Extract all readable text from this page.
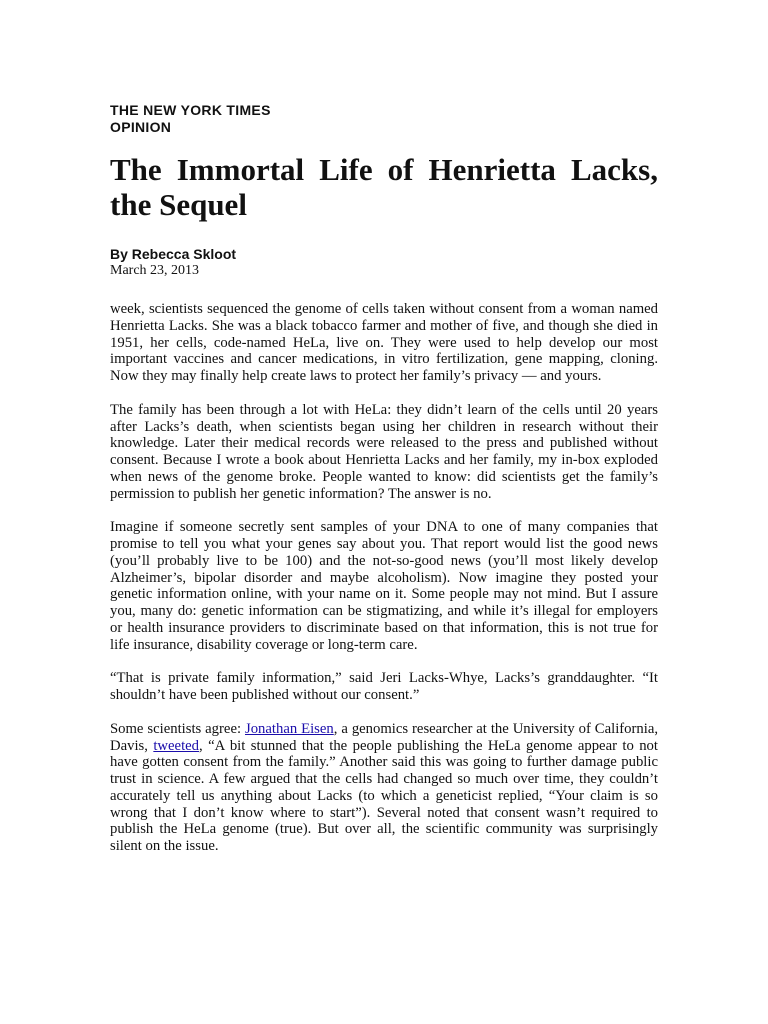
THE NEW YORK TIMES
OPINION
The Immortal Life of Henrietta Lacks, the Sequel
By Rebecca Skloot
March 23, 2013

week, scientists sequenced the genome of cells taken without consent from a woman named Henrietta Lacks. She was a black tobacco farmer and mother of five, and though she died in 1951, her cells, code-named HeLa, live on. They were used to help develop our most important vaccines and cancer medications, in vitro fertilization, gene mapping, cloning. Now they may finally help create laws to protect her family’s privacy — and yours.

The family has been through a lot with HeLa: they didn’t learn of the cells until 20 years after Lacks’s death, when scientists began using her children in research without their knowledge. Later their medical records were released to the press and published without consent. Because I wrote a book about Henrietta Lacks and her family, my in-box exploded when news of the genome broke. People wanted to know: did scientists get the family’s permission to publish her genetic information? The answer is no.

Imagine if someone secretly sent samples of your DNA to one of many companies that promise to tell you what your genes say about you. That report would list the good news (you’ll probably live to be 100) and the not-so-good news (you’ll most likely develop Alzheimer’s, bipolar disorder and maybe alcoholism). Now imagine they posted your genetic information online, with your name on it. Some people may not mind. But I assure you, many do: genetic information can be stigmatizing, and while it’s illegal for employers or health insurance providers to discriminate based on that information, this is not true for life insurance, disability coverage or long-term care.

“That is private family information,” said Jeri Lacks-Whye, Lacks’s granddaughter. “It shouldn’t have been published without our consent.”

Some scientists agree: Jonathan Eisen, a genomics researcher at the University of California, Davis, tweeted, “A bit stunned that the people publishing the HeLa genome appear to not have gotten consent from the family.” Another said this was going to further damage public trust in science. A few argued that the cells had changed so much over time, they couldn’t accurately tell us anything about Lacks (to which a geneticist replied, “Your claim is so wrong that I don’t know where to start”). Several noted that consent wasn’t required to publish the HeLa genome (true). But over all, the scientific community was surprisingly silent on the issue.
